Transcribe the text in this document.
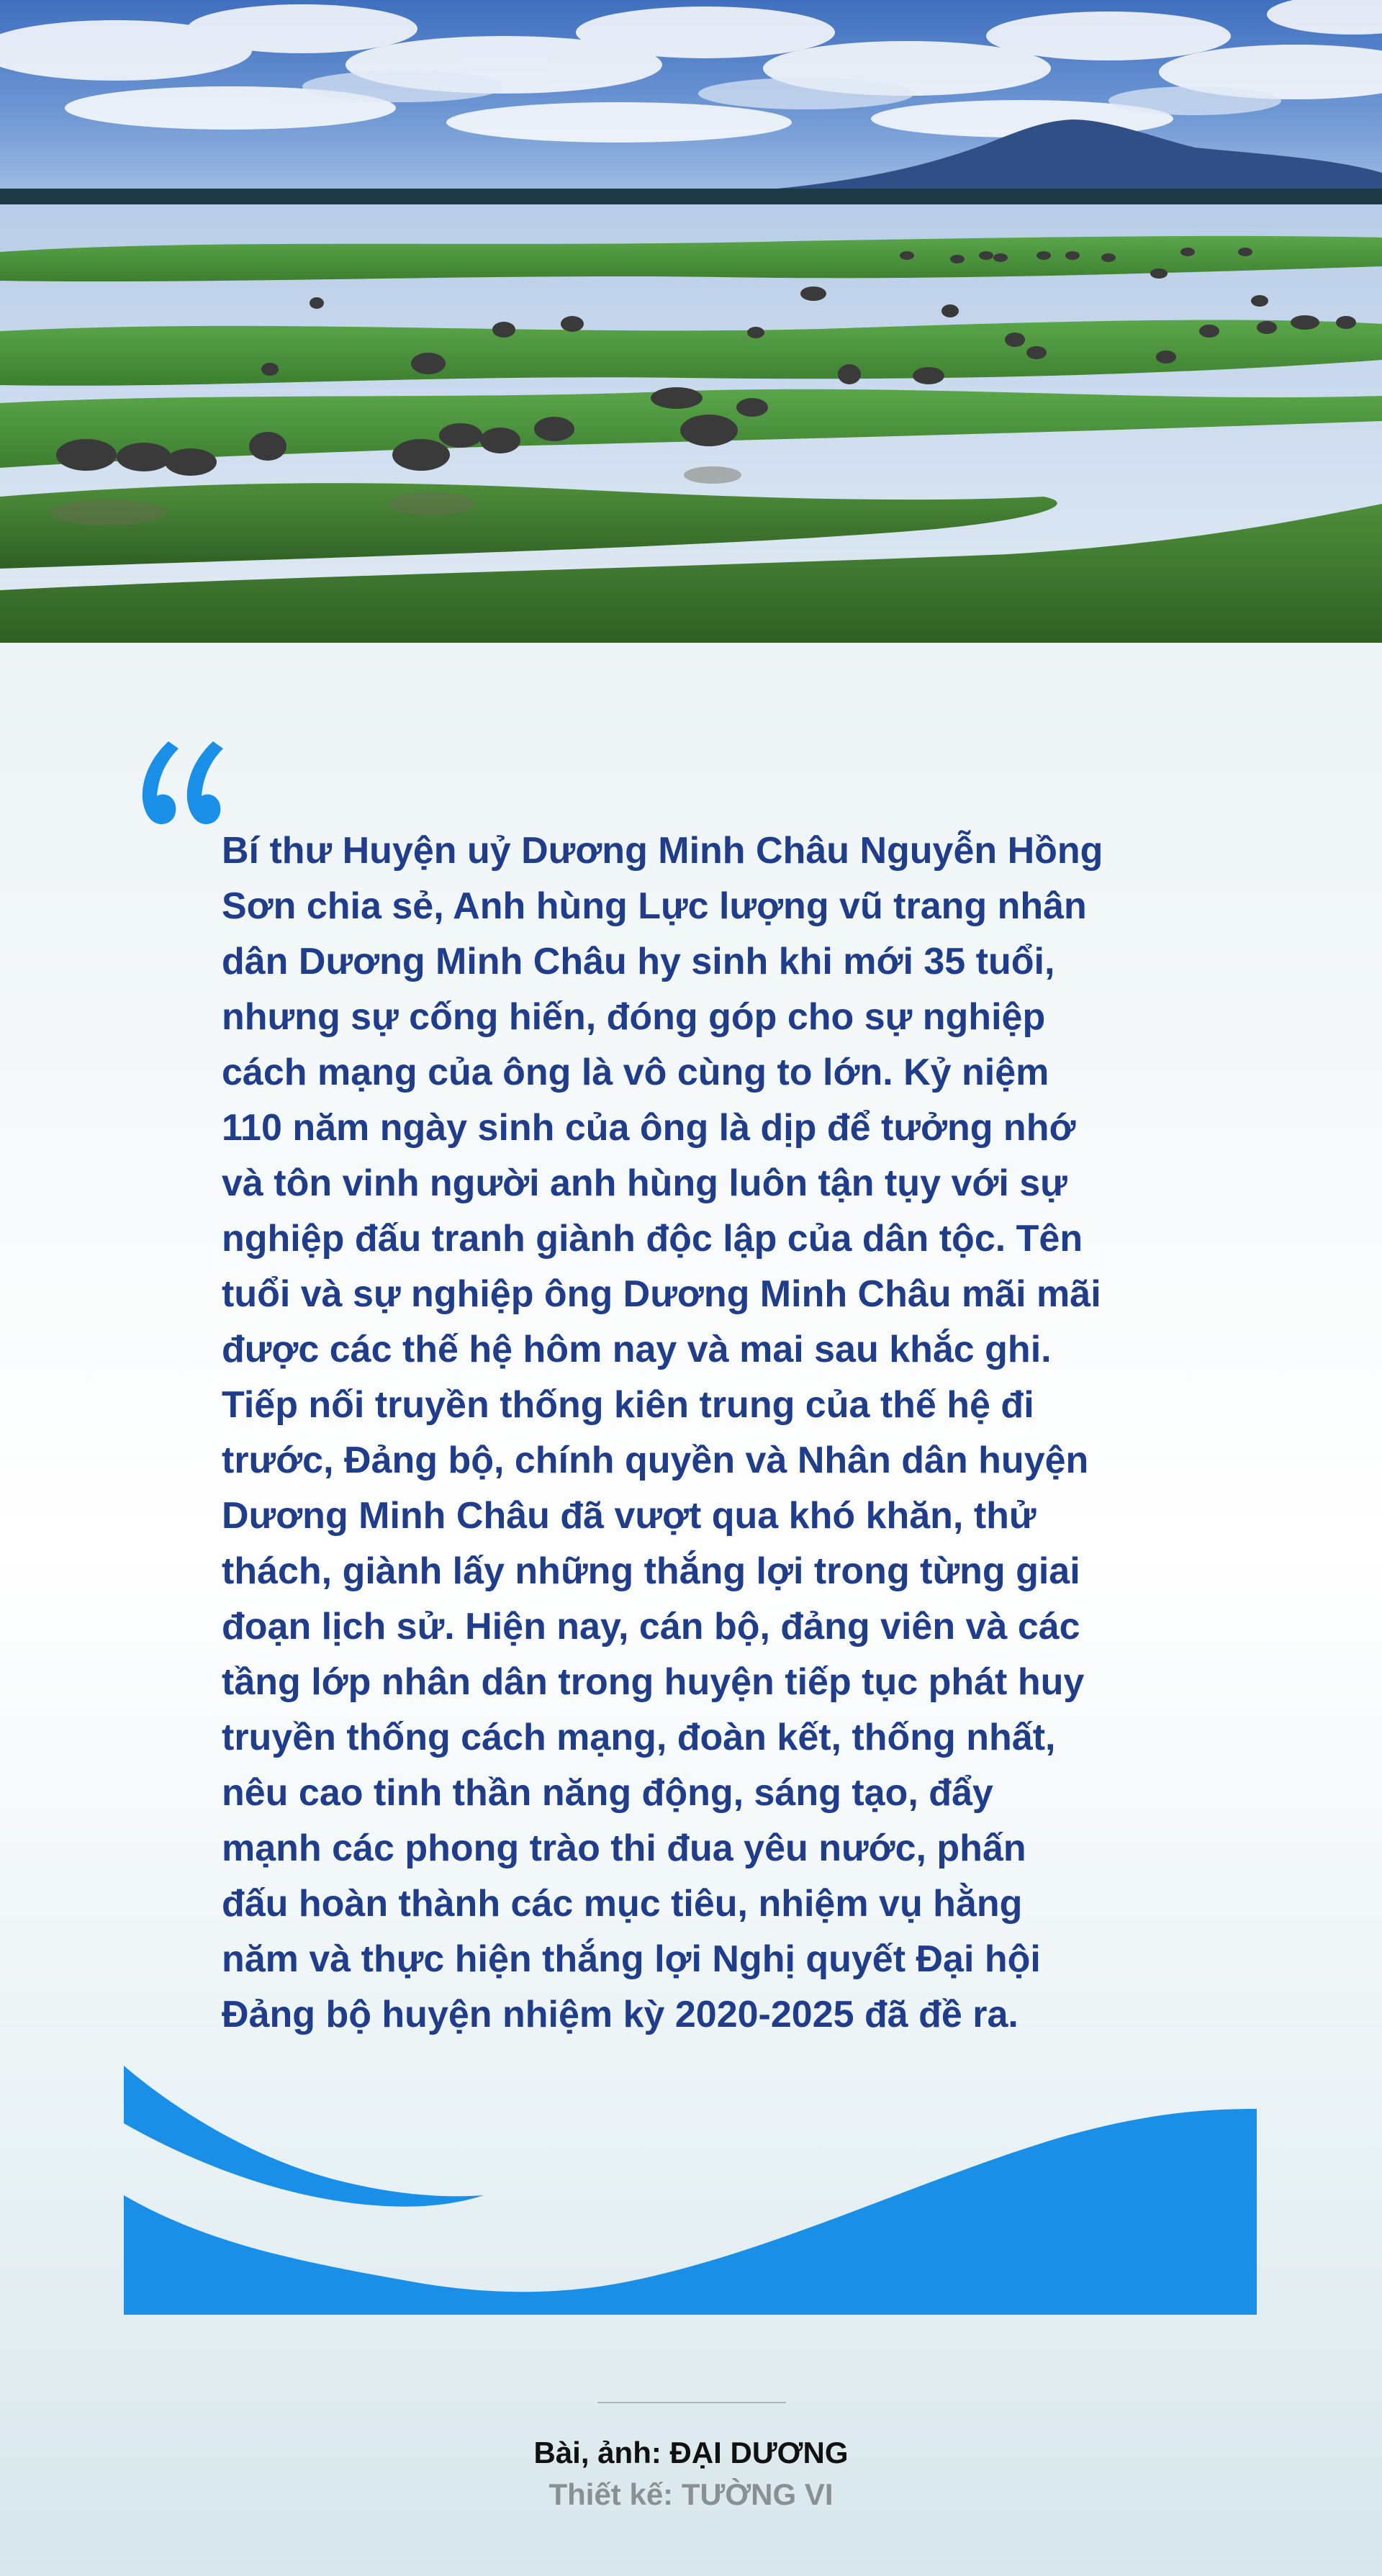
Bí thư Huyện uỷ Dương Minh Châu Nguyễn Hồng
Sơn chia sẻ, Anh hùng Lực lượng vũ trang nhân
dân Dương Minh Châu hy sinh khi mới 35 tuổi,
nhưng sự cống hiến, đóng góp cho sự nghiệp
cách mạng của ông là vô cùng to lớn. Kỷ niệm
110 năm ngày sinh của ông là dịp để tưởng nhớ
và tôn vinh người anh hùng luôn tận tụy với sự
nghiệp đấu tranh giành độc lập của dân tộc. Tên
tuổi và sự nghiệp ông Dương Minh Châu mãi mãi
được các thế hệ hôm nay và mai sau khắc ghi.
Tiếp nối truyền thống kiên trung của thế hệ đi
trước, Đảng bộ, chính quyền và Nhân dân huyện
Dương Minh Châu đã vượt qua khó khăn, thử
thách, giành lấy những thắng lợi trong từng giai
đoạn lịch sử. Hiện nay, cán bộ, đảng viên và các
tầng lớp nhân dân trong huyện tiếp tục phát huy
truyền thống cách mạng, đoàn kết, thống nhất,
nêu cao tinh thần năng động, sáng tạo, đẩy
mạnh các phong trào thi đua yêu nước, phấn
đấu hoàn thành các mục tiêu, nhiệm vụ hằng
năm và thực hiện thắng lợi Nghị quyết Đại hội
Đảng bộ huyện nhiệm kỳ 2020-2025 đã đề ra.

Bài, ảnh: ĐẠI DƯƠNG

Thiết kế: TƯỜNG VI
